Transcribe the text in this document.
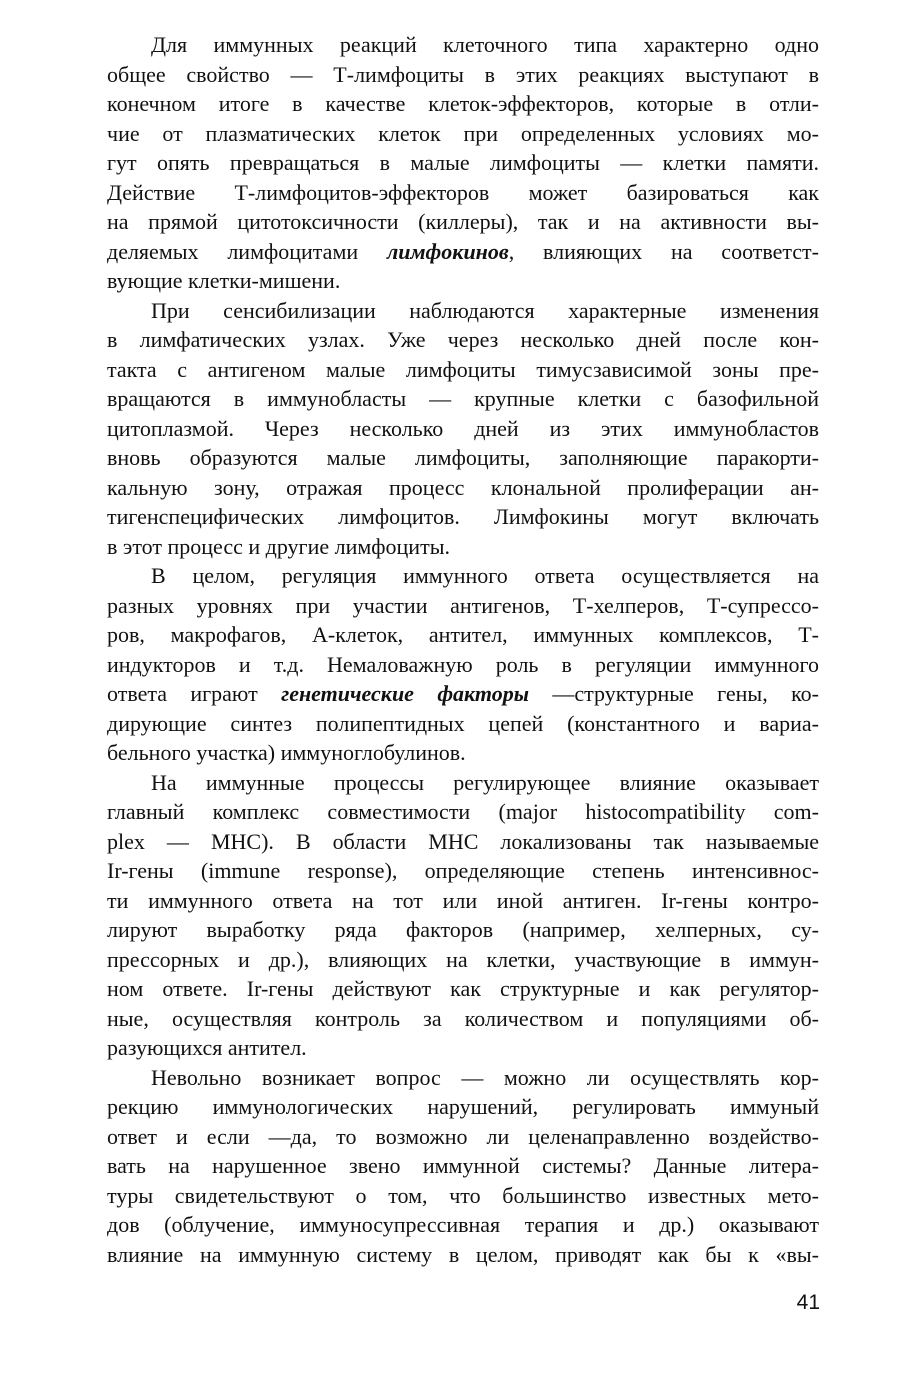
Для иммунных реакций клеточного типа характерно одно
общее свойство — Т-лимфоциты в этих реакциях выступают в
конечном итоге в качестве клеток-эффекторов, которые в отли-
чие от плазматических клеток при определенных условиях мо-
гут опять превращаться в малые лимфоциты — клетки памяти.
Действие Т-лимфоцитов-эффекторов может базироваться как
на прямой цитотоксичности (киллеры), так и на активности вы-
деляемых лимфоцитами лимфокинов, влияющих на соответст-
вующие клетки-мишени.
При сенсибилизации наблюдаются характерные изменения
в лимфатических узлах. Уже через несколько дней после кон-
такта с антигеном малые лимфоциты тимусзависимой зоны пре-
вращаются в иммунобласты — крупные клетки с базофильной
цитоплазмой. Через несколько дней из этих иммунобластов
вновь образуются малые лимфоциты, заполняющие паракорти-
кальную зону, отражая процесс клональной пролиферации ан-
тигенспецифических лимфоцитов. Лимфокины могут включать
в этот процесс и другие лимфоциты.
В целом, регуляция иммунного ответа осуществляется на
разных уровнях при участии антигенов, Т-хелперов, Т-супрессо-
ров, макрофагов, А-клеток, антител, иммунных комплексов, Т-
индукторов и т.д. Немаловажную роль в регуляции иммунного
ответа играют генетические факторы —структурные гены, ко-
дирующие синтез полипептидных цепей (константного и вариа-
бельного участка) иммуноглобулинов.
На иммунные процессы регулирующее влияние оказывает
главный комплекс совместимости (major histocompatibility com-
plex — МНС). В области МНС локализованы так называемые
Ir-гены (immune response), определяющие степень интенсивнос-
ти иммунного ответа на тот или иной антиген. Ir-гены контро-
лируют выработку ряда факторов (например, хелперных, су-
прессорных и др.), влияющих на клетки, участвующие в иммун-
ном ответе. Ir-гены действуют как структурные и как регулятор-
ные, осуществляя контроль за количеством и популяциями об-
разующихся антител.
Невольно возникает вопрос — можно ли осуществлять кор-
рекцию иммунологических нарушений, регулировать иммуный
ответ и если —да, то возможно ли целенаправленно воздейство-
вать на нарушенное звено иммунной системы? Данные литера-
туры свидетельствуют о том, что большинство известных мето-
дов (облучение, иммуносупрессивная терапия и др.) оказывают
влияние на иммунную систему в целом, приводят как бы к «вы-
41
